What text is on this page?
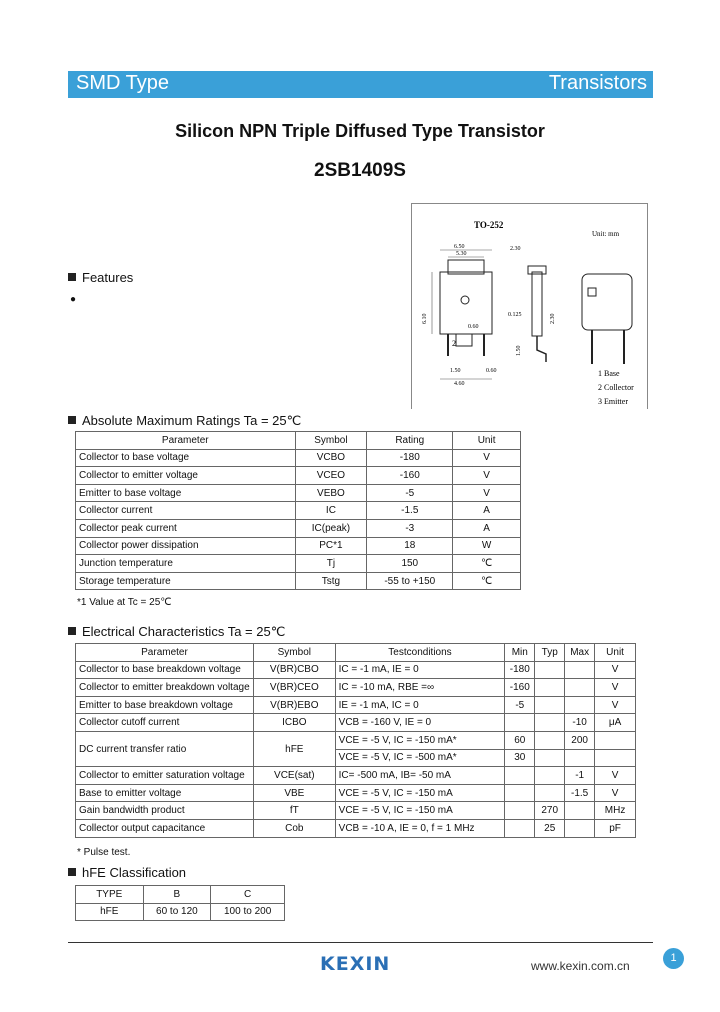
SMD Type	Transistors
Silicon NPN Triple Diffused Type Transistor
2SB1409S
TO-252
Unit: mm
2
6.50
5.30
6.10
0.60
4.60
0.60
1.50
2.30
0.125
1.50
2.30
1 Base
2 Collector
3 Emitter
Features
●
Absolute Maximum Ratings Ta = 25℃
Parameter	Symbol	Rating	Unit
Collector to base voltage	VCBO	-180	V
Collector to emitter voltage	VCEO	-160	V
Emitter to base voltage	VEBO	-5	V
Collector current	IC	-1.5	A
Collector peak current	IC(peak)	-3	A
Collector power dissipation	PC*1	18	W
Junction temperature	Tj	150	℃
Storage temperature	Tstg	-55 to +150	℃
*1 Value at Tc = 25℃
Electrical Characteristics Ta = 25℃
Parameter	Symbol	Testconditions	Min	Typ	Max	Unit
Collector to base breakdown voltage	V(BR)CBO	IC = -1 mA, IE = 0	-180			V
Collector to emitter breakdown voltage	V(BR)CEO	IC = -10 mA, RBE =∞	-160			V
Emitter to base breakdown voltage	V(BR)EBO	IE = -1 mA, IC = 0	-5			V
Collector cutoff current	ICBO	VCB = -160 V, IE = 0			-10	μA
DC current transfer ratio	hFE	VCE = -5 V, IC = -150 mA*	60		200	
		VCE = -5 V, IC = -500 mA*	30			
Collector to emitter saturation voltage	VCE(sat)	IC= -500 mA, IB= -50 mA			-1	V
Base to emitter voltage	VBE	VCE = -5 V, IC = -150 mA			-1.5	V
Gain bandwidth product	fT	VCE = -5 V, IC = -150 mA		270		MHz
Collector output capacitance	Cob	VCB = -10 A, IE = 0, f = 1 MHz		25		pF
* Pulse test.
hFE Classification
TYPE	B	C
hFE	60 to 120	100 to 200
KEXIN	www.kexin.com.cn
1
